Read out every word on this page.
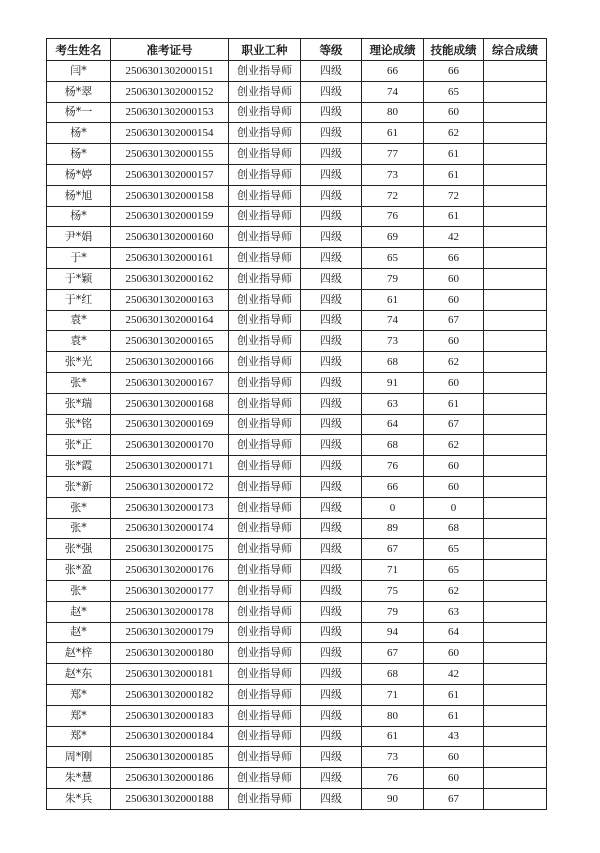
考生姓名	准考证号	职业工种	等级	理论成绩	技能成绩	综合成绩
闫*	2506301302000151	创业指导师	四级	66	66	
杨*翠	2506301302000152	创业指导师	四级	74	65	
杨*一	2506301302000153	创业指导师	四级	80	60	
杨*	2506301302000154	创业指导师	四级	61	62	
杨*	2506301302000155	创业指导师	四级	77	61	
杨*婷	2506301302000157	创业指导师	四级	73	61	
杨*旭	2506301302000158	创业指导师	四级	72	72	
杨*	2506301302000159	创业指导师	四级	76	61	
尹*娟	2506301302000160	创业指导师	四级	69	42	
于*	2506301302000161	创业指导师	四级	65	66	
于*颖	2506301302000162	创业指导师	四级	79	60	
于*红	2506301302000163	创业指导师	四级	61	60	
袁*	2506301302000164	创业指导师	四级	74	67	
袁*	2506301302000165	创业指导师	四级	73	60	
张*光	2506301302000166	创业指导师	四级	68	62	
张*	2506301302000167	创业指导师	四级	91	60	
张*瑞	2506301302000168	创业指导师	四级	63	61	
张*铭	2506301302000169	创业指导师	四级	64	67	
张*正	2506301302000170	创业指导师	四级	68	62	
张*霞	2506301302000171	创业指导师	四级	76	60	
张*新	2506301302000172	创业指导师	四级	66	60	
张*	2506301302000173	创业指导师	四级	0	0	
张*	2506301302000174	创业指导师	四级	89	68	
张*强	2506301302000175	创业指导师	四级	67	65	
张*盈	2506301302000176	创业指导师	四级	71	65	
张*	2506301302000177	创业指导师	四级	75	62	
赵*	2506301302000178	创业指导师	四级	79	63	
赵*	2506301302000179	创业指导师	四级	94	64	
赵*梓	2506301302000180	创业指导师	四级	67	60	
赵*东	2506301302000181	创业指导师	四级	68	42	
郑*	2506301302000182	创业指导师	四级	71	61	
郑*	2506301302000183	创业指导师	四级	80	61	
郑*	2506301302000184	创业指导师	四级	61	43	
周*刚	2506301302000185	创业指导师	四级	73	60	
朱*慧	2506301302000186	创业指导师	四级	76	60	
朱*兵	2506301302000188	创业指导师	四级	90	67	
